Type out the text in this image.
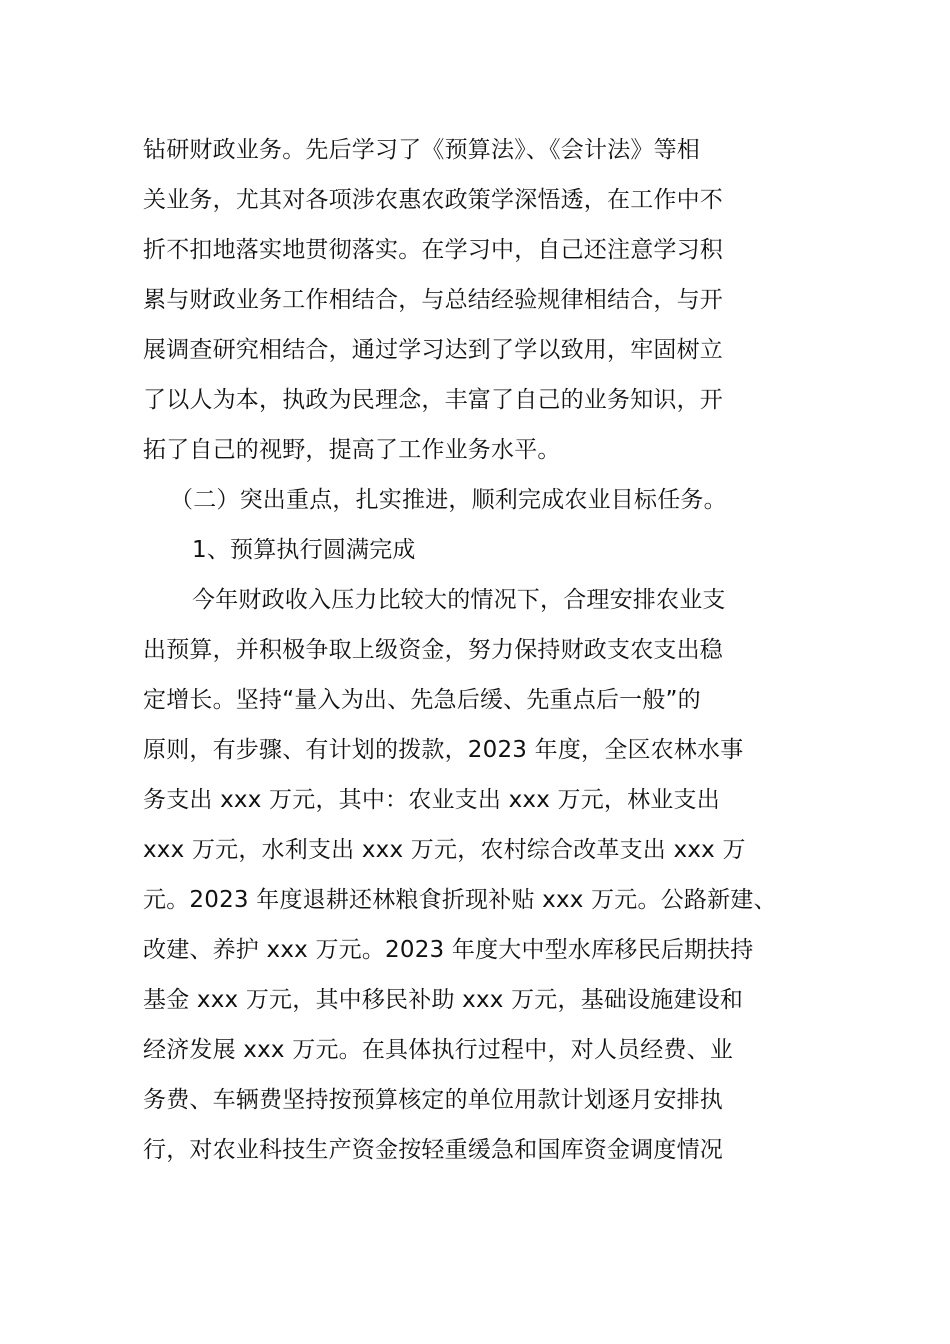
钻研财政业务。先后学习了《预算法》、《会计法》等相
关业务，尤其对各项涉农惠农政策学深悟透，在工作中不
折不扣地落实地贯彻落实。在学习中，自己还注意学习积
累与财政业务工作相结合，与总结经验规律相结合，与开
展调查研究相结合，通过学习达到了学以致用，牢固树立
了以人为本，执政为民理念，丰富了自己的业务知识，开
拓了自己的视野，提高了工作业务水平。
（二）突出重点，扎实推进，顺利完成农业目标任务。
1、预算执行圆满完成
今年财政收入压力比较大的情况下，合理安排农业支
出预算，并积极争取上级资金，努力保持财政支农支出稳
定增长。坚持“量入为出、先急后缓、先重点后一般”的
原则，有步骤、有计划的拨款，2023 年度，全区农林水事
务支出 xxx 万元，其中：农业支出 xxx 万元，林业支出
xxx 万元，水利支出 xxx 万元，农村综合改革支出 xxx 万
元。2023 年度退耕还林粮食折现补贴 xxx 万元。公路新建、
改建、养护 xxx 万元。2023 年度大中型水库移民后期扶持
基金 xxx 万元，其中移民补助 xxx 万元，基础设施建设和
经济发展 xxx 万元。在具体执行过程中，对人员经费、业
务费、车辆费坚持按预算核定的单位用款计划逐月安排执
行，对农业科技生产资金按轻重缓急和国库资金调度情况
